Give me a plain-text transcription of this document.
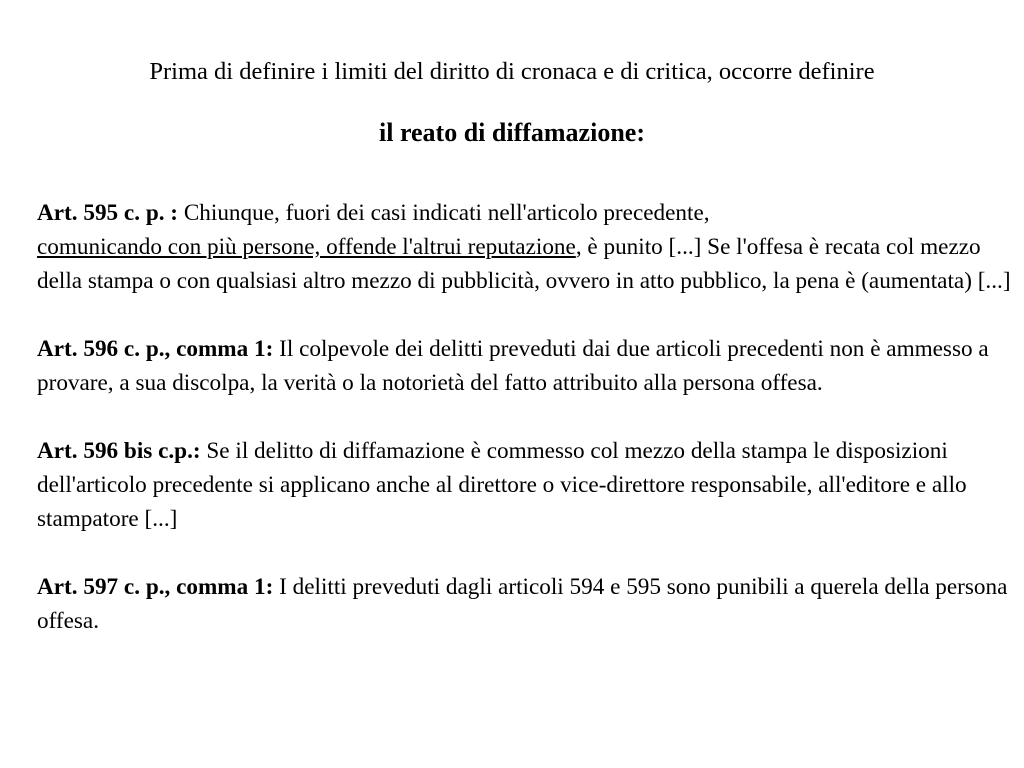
Prima di definire i limiti del diritto di cronaca e di critica, occorre definire

il reato di diffamazione:

Art. 595 c. p. : Chiunque, fuori dei casi indicati nell'articolo precedente,
comunicando con più persone, offende l'altrui reputazione, è punito [...] Se l'offesa è recata col mezzo della stampa o con qualsiasi altro mezzo di pubblicità, ovvero in atto pubblico, la pena è (aumentata) [...]

Art. 596 c. p., comma 1: Il colpevole dei delitti preveduti dai due articoli precedenti non è ammesso a provare, a sua discolpa, la verità o la notorietà del fatto attribuito alla persona offesa.

Art. 596 bis c.p.: Se il delitto di diffamazione è commesso col mezzo della stampa le disposizioni dell'articolo precedente si applicano anche al direttore o vice-direttore responsabile, all'editore e allo stampatore [...]

Art. 597 c. p., comma 1: I delitti preveduti dagli articoli 594 e 595 sono punibili a querela della persona offesa.
